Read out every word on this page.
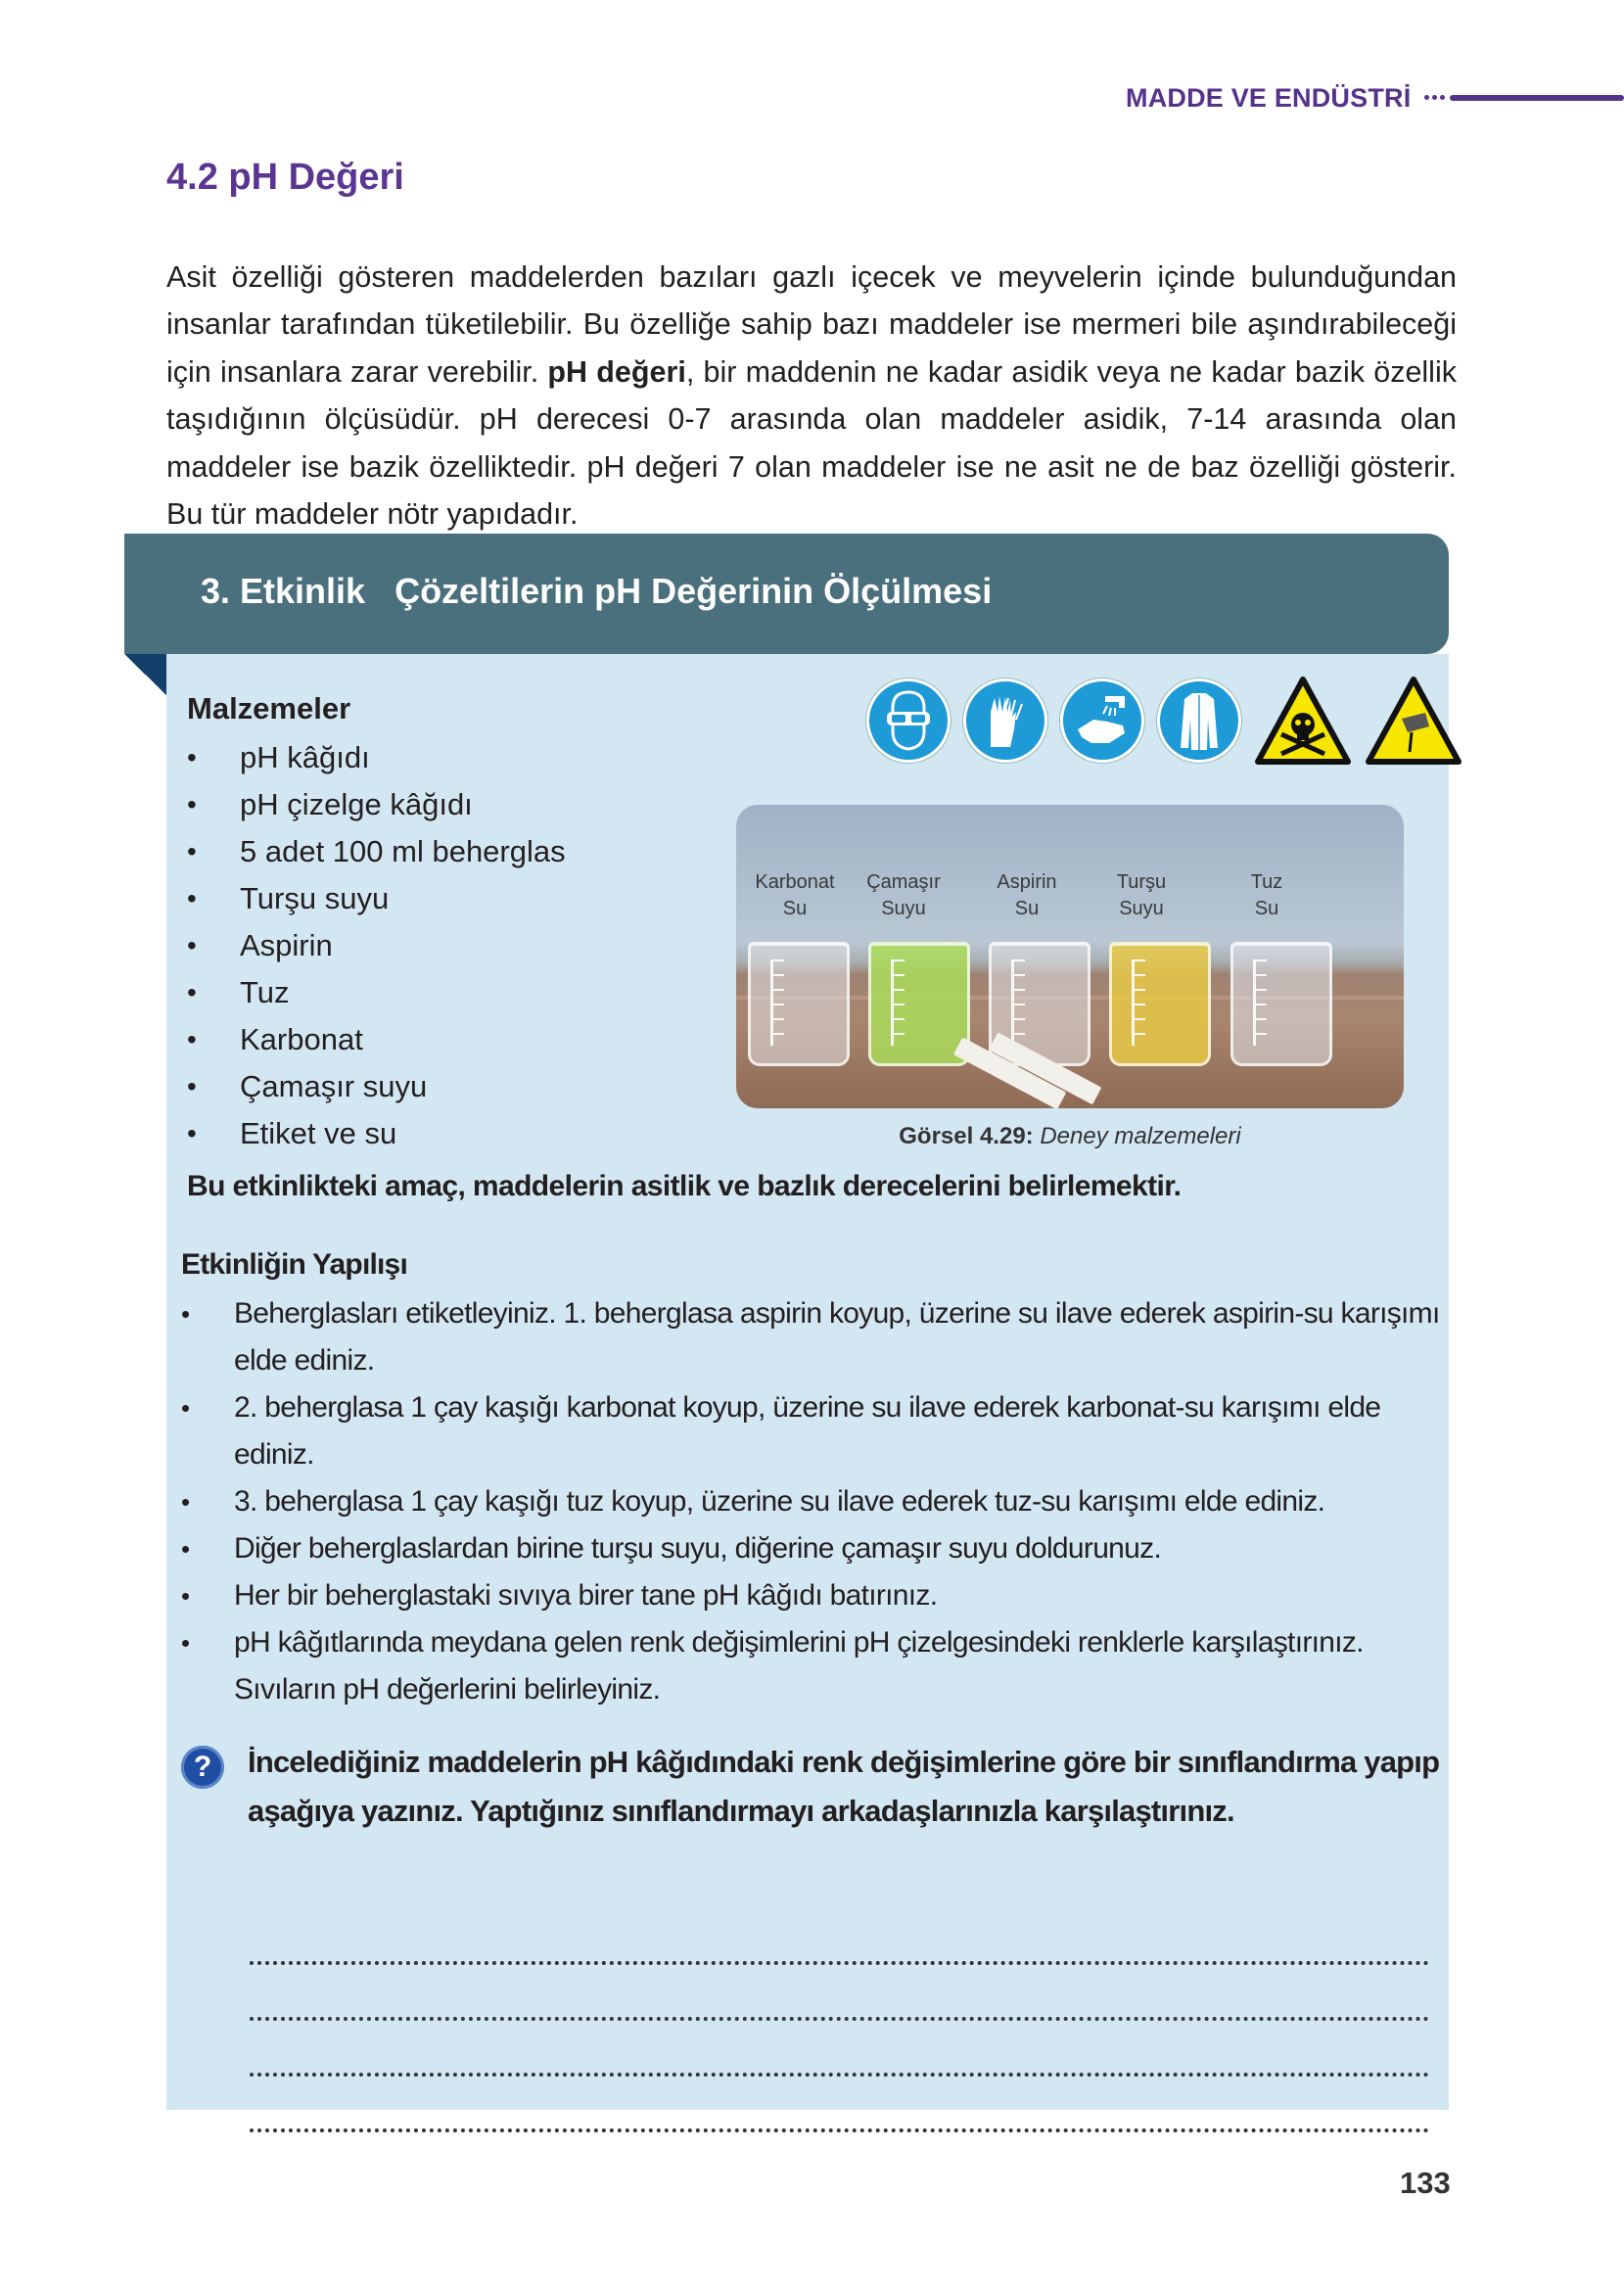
MADDE VE ENDÜSTRİ
4.2 pH Değeri

Asit özelliği gösteren maddelerden bazıları gazlı içecek ve meyvelerin içinde bulunduğundan insanlar tarafından tüketilebilir. Bu özelliğe sahip bazı maddeler ise mermeri bile aşındırabileceği için insanlara zarar verebilir. pH değeri, bir maddenin ne kadar asidik veya ne kadar bazik özellik taşıdığının ölçüsüdür. pH derecesi 0-7 arasında olan maddeler asidik, 7-14 arasında olan maddeler ise bazik özelliktedir. pH değeri 7 olan maddeler ise ne asit ne de baz özelliği gösterir. Bu tür maddeler nötr yapıdadır.

3. Etkinlik   Çözeltilerin pH Değerinin Ölçülmesi
Malzemeler
• pH kâğıdı
• pH çizelge kâğıdı
• 5 adet 100 ml beherglas
• Turşu suyu
• Aspirin
• Tuz
• Karbonat
• Çamaşır suyu
• Etiket ve su
Karbonat
Su
Çamaşır
Suyu
Aspirin
Su
Turşu
Suyu
Tuz
Su
Görsel 4.29: Deney malzemeleri
Bu etkinlikteki amaç, maddelerin asitlik ve bazlık derecelerini belirlemektir.
Etkinliğin Yapılışı
• Beherglasları etiketleyiniz. 1. beherglasa aspirin koyup, üzerine su ilave ederek aspirin-su karışımı elde ediniz.
• 2. beherglasa 1 çay kaşığı karbonat koyup, üzerine su ilave ederek karbonat-su karışımı elde ediniz.
• 3. beherglasa 1 çay kaşığı tuz koyup, üzerine su ilave ederek tuz-su karışımı elde ediniz.
• Diğer beherglaslardan birine turşu suyu, diğerine çamaşır suyu doldurunuz.
• Her bir beherglastaki sıvıya birer tane pH kâğıdı batırınız.
• pH kâğıtlarında meydana gelen renk değişimlerini pH çizelgesindeki renklerle karşılaştırınız. Sıvıların pH değerlerini belirleyiniz.
?	İncelediğiniz maddelerin pH kâğıdındaki renk değişimlerine göre bir sınıflandırma yapıp aşağıya yazınız. Yaptığınız sınıflandırmayı arkadaşlarınızla karşılaştırınız.
133
